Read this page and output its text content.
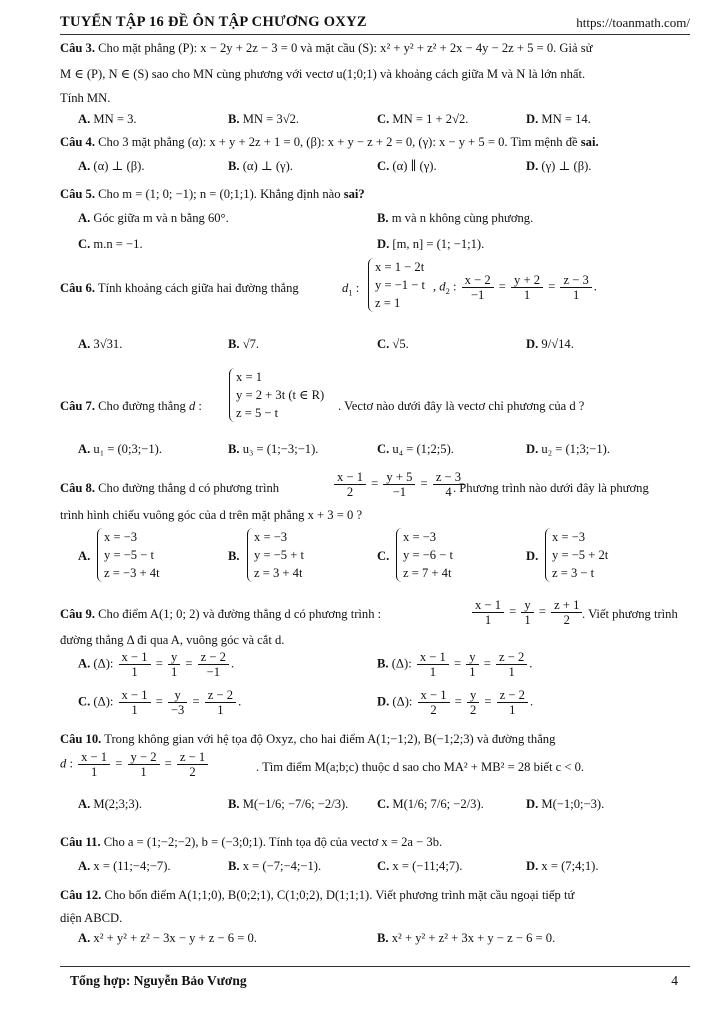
TUYỂN TẬP 16 ĐỀ ÔN TẬP CHƯƠNG OXYZ	https://toanmath.com/
Câu 3. Cho mặt phẳng (P): x − 2y + 2z − 3 = 0 và mặt cầu (S): x² + y² + z² + 2x − 4y − 2z + 5 = 0. Giả sử
M ∈ (P), N ∈ (S) sao cho MN cùng phương với vectơ u(1;0;1) và khoảng cách giữa M và N là lớn nhất.
Tính MN.
A. MN = 3.	B. MN = 3√2.	C. MN = 1 + 2√2.	D. MN = 14.
Câu 4. Cho 3 mặt phẳng (α): x + y + 2z + 1 = 0, (β): x + y − z + 2 = 0, (γ): x − y + 5 = 0. Tìm mệnh đề sai.
A. (α) ⊥ (β).	B. (α) ⊥ (γ).	C. (α) ∥ (γ).	D. (γ) ⊥ (β).
Câu 5. Cho m = (1; 0; −1); n = (0;1;1). Khẳng định nào sai?
A. Góc giữa m và n bằng 60°.	B. m và n không cùng phương.
C. m.n = −1.	D. [m, n] = (1; −1;1).
Câu 6. Tính khoảng cách giữa hai đường thẳng	$d_1$ :
x = 1 − 2t
y = −1 − t
z = 1
, $d_2$ : $\frac{x - 2}{-1} = \frac{y + 2}{1} = \frac{z - 3}{1}$ .
A. 3√31.	B. √7.	C. √5.	D. 9/√14.
Câu 7. Cho đường thẳng d :
x = 1
y = 2 + 3t (t ∈ R)
z = 5 − t	. Vectơ nào dưới đây là vectơ chỉ phương của d ?
A. u₁ = (0;3;−1).	B. u₃ = (1;−3;−1).	C. u₄ = (1;2;5).	D. u₂ = (1;3;−1).
Câu 8. Cho đường thẳng d có phương trình	$\frac{x - 1}{2} = \frac{y + 5}{-1} = \frac{z - 3}{4}$
. Phương trình nào dưới đây là phương
trình hình chiếu vuông góc của d trên mặt phẳng x + 3 = 0 ?
A.
x = −3
y = −5 − t
z = −3 + 4t
B.
x = −3
y = −5 + t
z = 3 + 4t
C.
x = −3
y = −6 − t
z = 7 + 4t
D.
x = −3
y = −5 + 2t
z = 3 − t
Câu 9. Cho điểm A(1; 0; 2) và đường thẳng d có phương trình :	$\frac{x - 1}{1} = \frac{y}{1} = \frac{z + 1}{2}$ . Viết phương trình
đường thẳng Δ đi qua A, vuông góc và cắt d.
A. (Δ): $\frac{x - 1}{1} = \frac{y}{1} = \frac{z - 2}{-1}$ .	B. (Δ): $\frac{x - 1}{1} = \frac{y}{1} = \frac{z - 2}{1}$ .
C. (Δ): $\frac{x - 1}{1} = \frac{y}{-3} = \frac{z - 2}{1}$ .	D. (Δ): $\frac{x - 1}{2} = \frac{y}{2} = \frac{z - 2}{1}$ .
Câu 10. Trong không gian với hệ tọa độ Oxyz, cho hai điểm A(1;−1;2), B(−1;2;3) và đường thẳng
d : $\frac{x - 1}{1} = \frac{y - 2}{1} = \frac{z - 1}{2}$	. Tìm điểm M(a;b;c) thuộc d sao cho MA² + MB² = 28 biết c < 0.
A. M(2;3;3).	B. M(−1/6; −7/6; −2/3). C. M(1/6; 7/6; −2/3).	D. M(−1;0;−3).
Câu 11. Cho a = (1;−2;−2), b = (−3;0;1). Tính tọa độ của vectơ x = 2a − 3b.
A. x = (11;−4;−7).	B. x = (−7;−4;−1).	C. x = (−11;4;7).	D. x = (7;4;1).
Câu 12. Cho bốn điểm A(1;1;0), B(0;2;1), C(1;0;2), D(1;1;1). Viết phương trình mặt cầu ngoại tiếp tứ
diện ABCD.
A. x² + y² + z² − 3x − y + z − 6 = 0.	B. x² + y² + z² + 3x + y − z − 6 = 0.
Tổng hợp: Nguyễn Bảo Vương	4
